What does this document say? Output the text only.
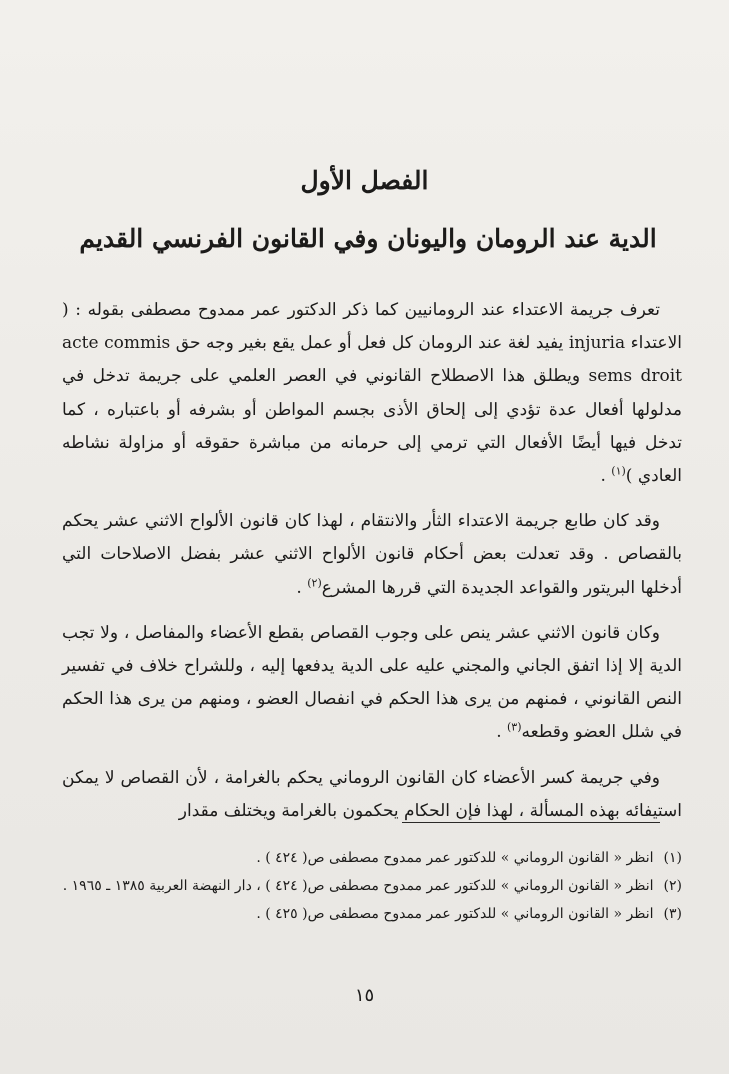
الفصل الأول
الدية عند الرومان واليونان وفي القانون الفرنسي القديم

تعرف جريمة الاعتداء عند الرومانيين كما ذكر الدكتور عمر ممدوح مصطفى بقوله : ( الاعتداء injuria يفيد لغة عند الرومان كل فعل أو عمل يقع بغير وجه حق acte commis sems droit ويطلق هذا الاصطلاح القانوني في العصر العلمي على جريمة تدخل في مدلولها أفعال عدة تؤدي إلى إلحاق الأذى بجسم المواطن أو بشرفه أو باعتباره ، كما تدخل فيها أيضًا الأفعال التي ترمي إلى حرمانه من مباشرة حقوقه أو مزاولة نشاطه العادي )$^{(١)}$ .

وقد كان طابع جريمة الاعتداء الثأر والانتقام ، لهذا كان قانون الألواح الاثني عشر يحكم بالقصاص . وقد تعدلت بعض أحكام قانون الألواح الاثني عشر بفضل الاصلاحات التي أدخلها البريتور والقواعد الجديدة التي قررها المشرع$^{(٢)}$ .

وكان قانون الاثني عشر ينص على وجوب القصاص بقطع الأعضاء والمفاصل ، ولا تجب الدية إلا إذا اتفق الجاني والمجني عليه على الدية يدفعها إليه ، وللشراح خلاف في تفسير النص القانوني ، فمنهم من يرى هذا الحكم في انفصال العضو ، ومنهم من يرى هذا الحكم في شلل العضو وقطعه$^{(٣)}$ .

وفي جريمة كسر الأعضاء كان القانون الروماني يحكم بالغرامة ، لأن القصاص لا يمكن استيفائه بهذه المسألة ، لهذا فإن الحكام يحكمون بالغرامة ويختلف مقدار

(١)
انظر « القانون الروماني » للدكتور عمر ممدوح مصطفى ص( ٤٢٤ ) .
(٢)
انظر « القانون الروماني » للدكتور عمر ممدوح مصطفى ص( ٤٢٤ ) ، دار النهضة العربية ١٣٨٥ ـ ١٩٦٥ .
(٣)
انظر « القانون الروماني » للدكتور عمر ممدوح مصطفى ص( ٤٢٥ ) .
١٥
